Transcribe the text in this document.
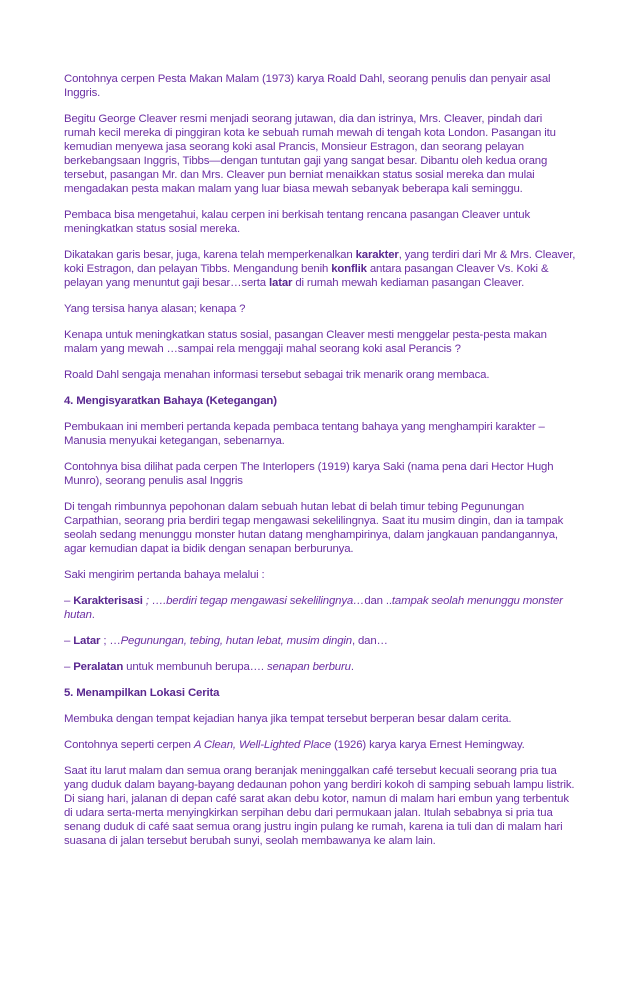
Contohnya cerpen Pesta Makan Malam (1973) karya Roald Dahl, seorang penulis dan penyair asal Inggris.

Begitu George Cleaver resmi menjadi seorang jutawan, dia dan istrinya, Mrs. Cleaver, pindah dari rumah kecil mereka di pinggiran kota ke sebuah rumah mewah di tengah kota London. Pasangan itu kemudian menyewa jasa seorang koki asal Prancis, Monsieur Estragon, dan seorang pelayan berkebangsaan Inggris, Tibbs—dengan tuntutan gaji yang sangat besar. Dibantu oleh kedua orang tersebut, pasangan Mr. dan Mrs. Cleaver pun berniat menaikkan status sosial mereka dan mulai mengadakan pesta makan malam yang luar biasa mewah sebanyak beberapa kali seminggu.

Pembaca bisa mengetahui, kalau cerpen ini berkisah tentang rencana pasangan Cleaver untuk meningkatkan status sosial mereka.

Dikatakan garis besar, juga, karena telah memperkenalkan karakter, yang terdiri dari Mr & Mrs. Cleaver, koki Estragon, dan pelayan Tibbs. Mengandung benih konflik antara pasangan Cleaver Vs. Koki & pelayan yang menuntut gaji besar…serta latar di rumah mewah kediaman pasangan Cleaver.

Yang tersisa hanya alasan; kenapa ?

Kenapa untuk meningkatkan status sosial, pasangan Cleaver mesti menggelar pesta-pesta makan malam yang mewah …sampai rela menggaji mahal seorang koki asal Perancis ?

Roald Dahl sengaja menahan informasi tersebut sebagai trik menarik orang membaca.

4. Mengisyaratkan Bahaya (Ketegangan)

Pembukaan ini memberi pertanda kepada pembaca tentang bahaya yang menghampiri karakter – Manusia menyukai ketegangan, sebenarnya.

Contohnya bisa dilihat pada cerpen The Interlopers (1919) karya Saki (nama pena dari Hector Hugh Munro), seorang penulis asal Inggris

Di tengah rimbunnya pepohonan dalam sebuah hutan lebat di belah timur tebing Pegunungan Carpathian, seorang pria berdiri tegap mengawasi sekelilingnya. Saat itu musim dingin, dan ia tampak seolah sedang menunggu monster hutan datang menghampirinya, dalam jangkauan pandangannya, agar kemudian dapat ia bidik dengan senapan berburunya.

Saki mengirim pertanda bahaya melalui :

– Karakterisasi ; ….berdiri tegap mengawasi sekelilingnya…dan ..tampak seolah menunggu monster hutan.

– Latar ; …Pegunungan, tebing, hutan lebat, musim dingin, dan…

– Peralatan untuk membunuh berupa…. senapan berburu.

5. Menampilkan Lokasi Cerita

Membuka dengan tempat kejadian hanya jika tempat tersebut berperan besar dalam cerita.

Contohnya seperti cerpen A Clean, Well-Lighted Place (1926) karya karya Ernest Hemingway.

Saat itu larut malam dan semua orang beranjak meninggalkan café tersebut kecuali seorang pria tua yang duduk dalam bayang-bayang dedaunan pohon yang berdiri kokoh di samping sebuah lampu listrik. Di siang hari, jalanan di depan café sarat akan debu kotor, namun di malam hari embun yang terbentuk di udara serta-merta menyingkirkan serpihan debu dari permukaan jalan. Itulah sebabnya si pria tua senang duduk di café saat semua orang justru ingin pulang ke rumah, karena ia tuli dan di malam hari suasana di jalan tersebut berubah sunyi, seolah membawanya ke alam lain.
